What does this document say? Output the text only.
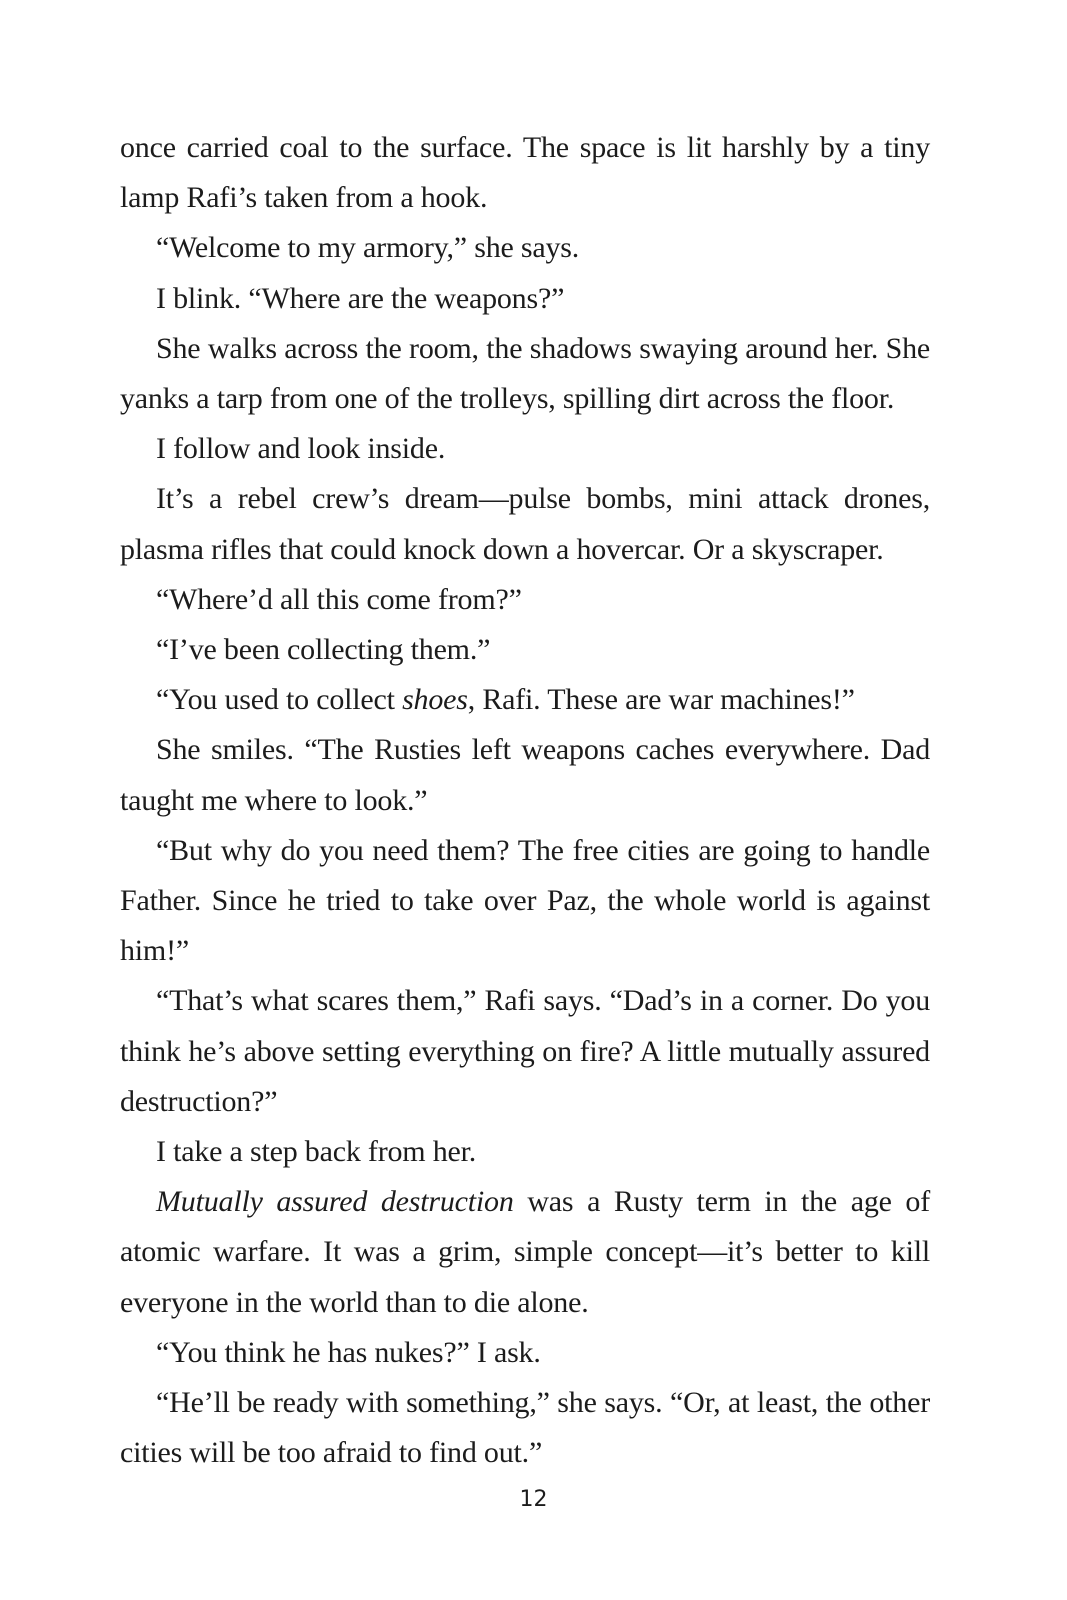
once carried coal to the surface. The space is lit harshly by a tiny lamp Rafi’s taken from a hook.

“Welcome to my armory,” she says.

I blink. “Where are the weapons?”

She walks across the room, the shadows swaying around her. She yanks a tarp from one of the trolleys, spilling dirt across the floor.

I follow and look inside.

It’s a rebel crew’s dream—pulse bombs, mini attack drones, plasma rifles that could knock down a hovercar. Or a skyscraper.

“Where’d all this come from?”

“I’ve been collecting them.”

“You used to collect shoes, Rafi. These are war machines!”

She smiles. “The Rusties left weapons caches everywhere. Dad taught me where to look.”

“But why do you need them? The free cities are going to handle Father. Since he tried to take over Paz, the whole world is against him!”

“That’s what scares them,” Rafi says. “Dad’s in a corner. Do you think he’s above setting everything on fire? A little mutually assured destruction?”

I take a step back from her.

Mutually assured destruction was a Rusty term in the age of atomic warfare. It was a grim, simple concept—it’s better to kill everyone in the world than to die alone.

“You think he has nukes?” I ask.

“He’ll be ready with something,” she says. “Or, at least, the other cities will be too afraid to find out.”

12
